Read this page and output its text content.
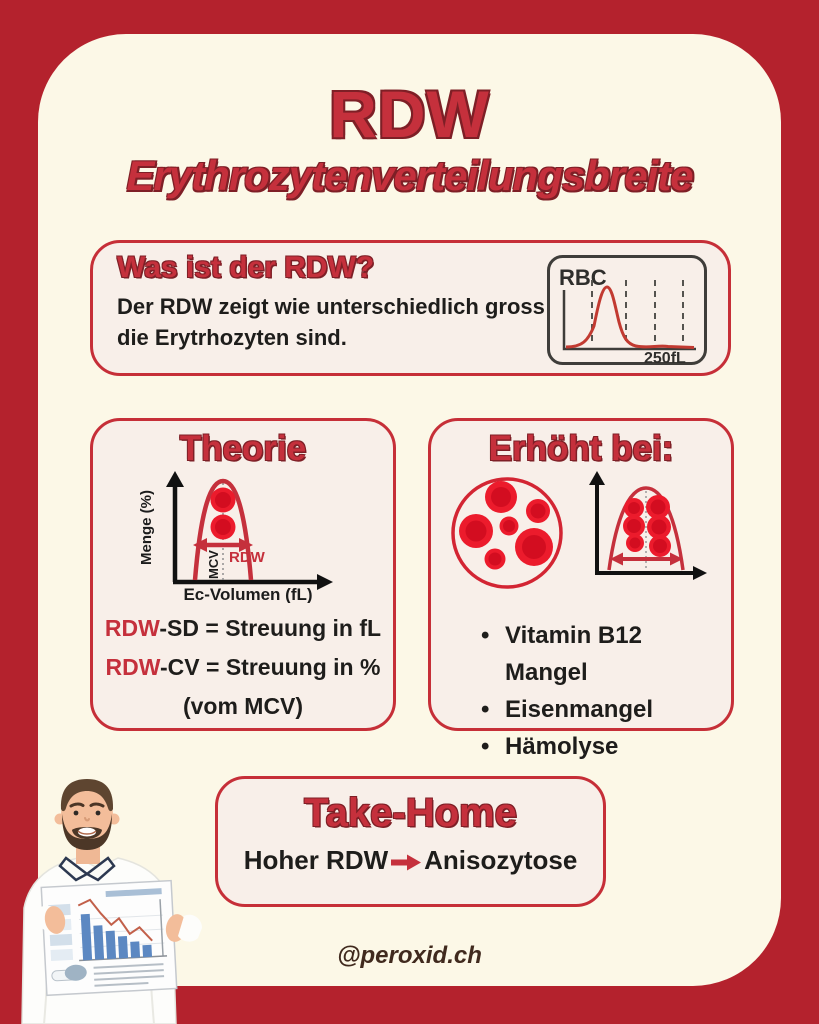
RDW
Erythrozytenverteilungsbreite
Was ist der RDW?
Der RDW zeigt wie unterschiedlich gross
die Erytrhozyten sind.
RBC
250fL
Theorie
Menge (%)	RDW
MCV
Ec-Volumen (fL)
RDW-SD = Streuung in fL
RDW-CV = Streuung in %
(vom MCV)
Erhöht bei:
• Vitamin B12 Mangel
• Eisenmangel
• Hämolyse
Take-Home
Hoher RDW Anisozytose
@peroxid.ch
